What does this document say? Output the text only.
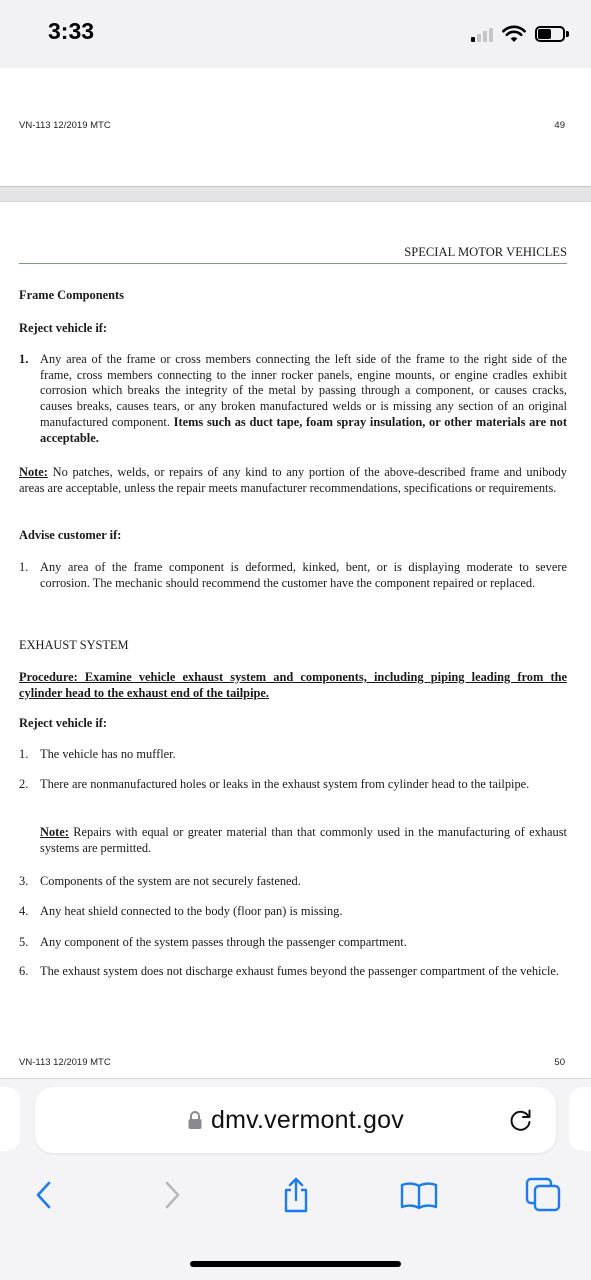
3:33
VN-113 12/2019 MTC	49
SPECIAL MOTOR VEHICLES
Frame Components
Reject vehicle if:
1. Any area of the frame or cross members connecting the left side of the frame to the right side of the frame, cross members connecting to the inner rocker panels, engine mounts, or engine cradles exhibit corrosion which breaks the integrity of the metal by passing through a component, or causes cracks, causes breaks, causes tears, or any broken manufactured welds or is missing any section of an original manufactured component. Items such as duct tape, foam spray insulation, or other materials are not acceptable.
Note: No patches, welds, or repairs of any kind to any portion of the above-described frame and unibody areas are acceptable, unless the repair meets manufacturer recommendations, specifications or requirements.
Advise customer if:
1. Any area of the frame component is deformed, kinked, bent, or is displaying moderate to severe corrosion. The mechanic should recommend the customer have the component repaired or replaced.
EXHAUST SYSTEM
Procedure: Examine vehicle exhaust system and components, including piping leading from the cylinder head to the exhaust end of the tailpipe.
Reject vehicle if:
1. The vehicle has no muffler.
2. There are nonmanufactured holes or leaks in the exhaust system from cylinder head to the tailpipe.
Note: Repairs with equal or greater material than that commonly used in the manufacturing of exhaust systems are permitted.
3. Components of the system are not securely fastened.
4. Any heat shield connected to the body (floor pan) is missing.
5. Any component of the system passes through the passenger compartment.
6. The exhaust system does not discharge exhaust fumes beyond the passenger compartment of the vehicle.
VN-113 12/2019 MTC	50
dmv.vermont.gov
